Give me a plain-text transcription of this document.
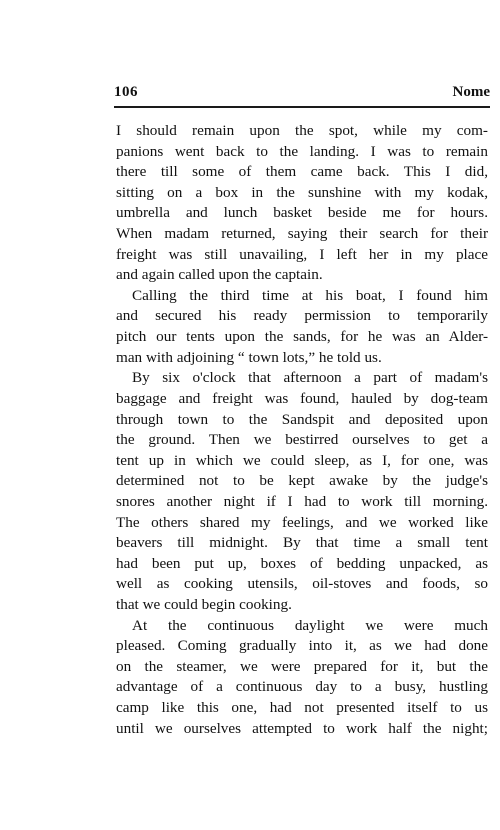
106	Nome
I should remain upon the spot, while my com-
panions went back to the landing. I was to remain
there till some of them came back. This I did,
sitting on a box in the sunshine with my kodak,
umbrella and lunch basket beside me for hours.
When madam returned, saying their search for their
freight was still unavailing, I left her in my place
and again called upon the captain.
Calling the third time at his boat, I found him
and secured his ready permission to temporarily
pitch our tents upon the sands, for he was an Alder-
man with adjoining “ town lots,” he told us.
By six o'clock that afternoon a part of madam's
baggage and freight was found, hauled by dog-team
through town to the Sandspit and deposited upon
the ground. Then we bestirred ourselves to get a
tent up in which we could sleep, as I, for one, was
determined not to be kept awake by the judge's
snores another night if I had to work till morning.
The others shared my feelings, and we worked like
beavers till midnight. By that time a small tent
had been put up, boxes of bedding unpacked, as
well as cooking utensils, oil-stoves and foods, so
that we could begin cooking.
At the continuous daylight we were much
pleased. Coming gradually into it, as we had done
on the steamer, we were prepared for it, but the
advantage of a continuous day to a busy, hustling
camp like this one, had not presented itself to us
until we ourselves attempted to work half the night;
